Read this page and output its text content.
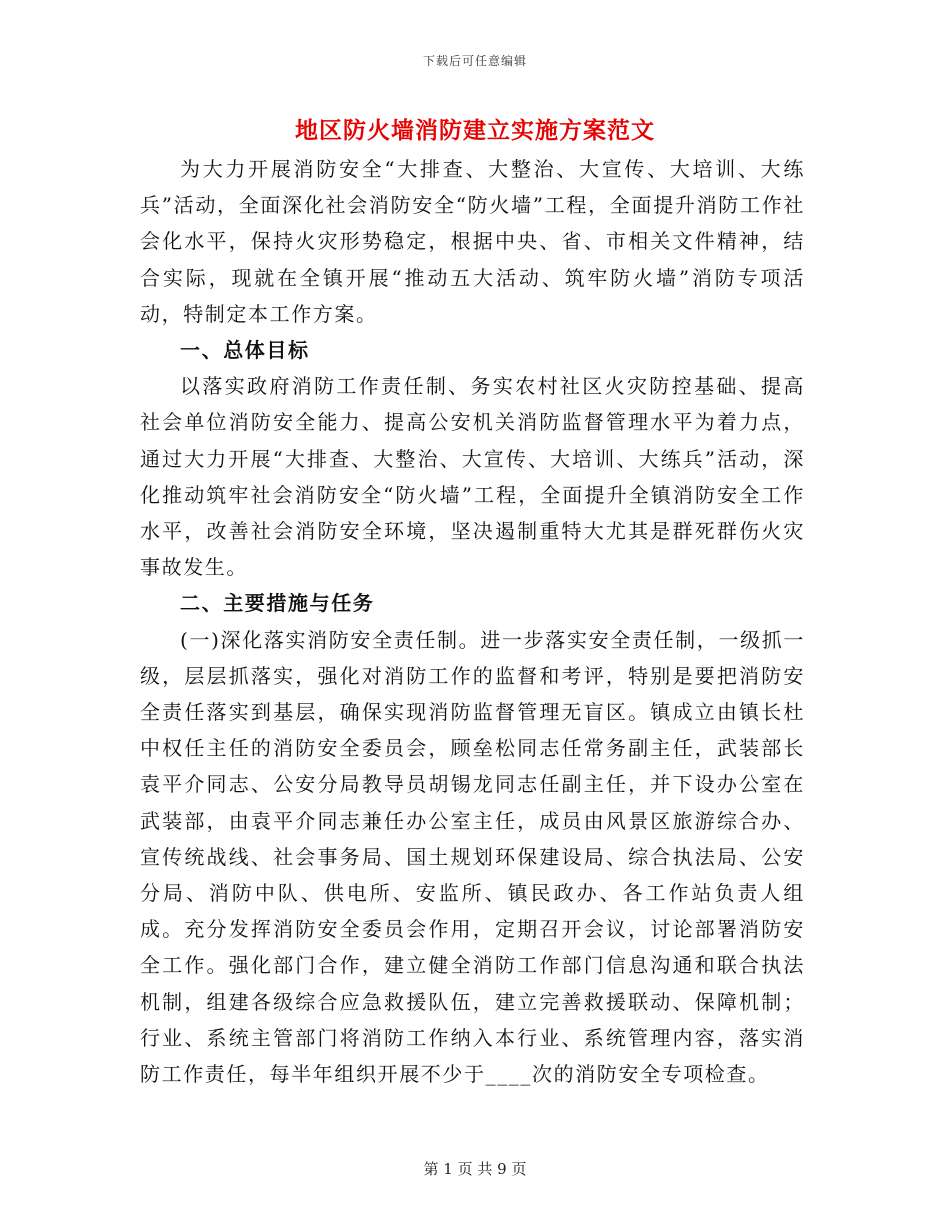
下载后可任意编辑
地区防火墙消防建立实施方案范文

为大力开展消防安全“大排查、大整治、大宣传、大培训、大练兵”活动，全面深化社会消防安全“防火墙”工程，全面提升消防工作社会化水平，保持火灾形势稳定，根据中央、省、市相关文件精神，结合实际，现就在全镇开展“推动五大活动、筑牢防火墙”消防专项活动，特制定本工作方案。

一、总体目标

以落实政府消防工作责任制、务实农村社区火灾防控基础、提高社会单位消防安全能力、提高公安机关消防监督管理水平为着力点，通过大力开展“大排查、大整治、大宣传、大培训、大练兵”活动，深化推动筑牢社会消防安全“防火墙”工程，全面提升全镇消防安全工作水平，改善社会消防安全环境，坚决遏制重特大尤其是群死群伤火灾事故发生。

二、主要措施与任务

(一)深化落实消防安全责任制。进一步落实安全责任制，一级抓一级，层层抓落实，强化对消防工作的监督和考评，特别是要把消防安全责任落实到基层，确保实现消防监督管理无盲区。镇成立由镇长杜中权任主任的消防安全委员会，顾垒松同志任常务副主任，武装部长袁平介同志、公安分局教导员胡锡龙同志任副主任，并下设办公室在武装部，由袁平介同志兼任办公室主任，成员由风景区旅游综合办、宣传统战线、社会事务局、国土规划环保建设局、综合执法局、公安分局、消防中队、供电所、安监所、镇民政办、各工作站负责人组成。充分发挥消防安全委员会作用，定期召开会议，讨论部署消防安全工作。强化部门合作，建立健全消防工作部门信息沟通和联合执法机制，组建各级综合应急救援队伍，建立完善救援联动、保障机制；行业、系统主管部门将消防工作纳入本行业、系统管理内容，落实消防工作责任，每半年组织开展不少于____次的消防安全专项检查。

第 1 页 共 9 页
